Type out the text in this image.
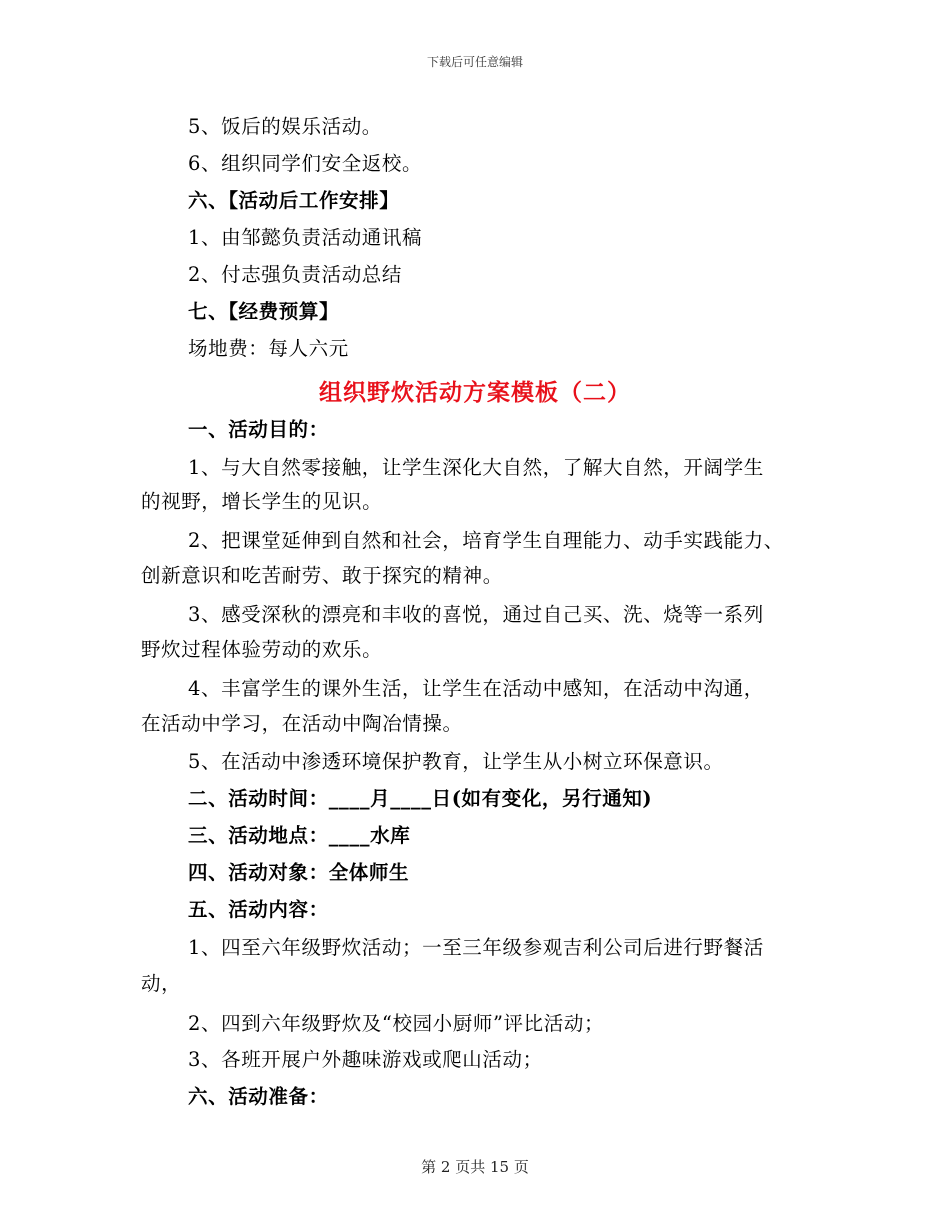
下载后可任意编辑
5、饭后的娱乐活动。
6、组织同学们安全返校。
六、【活动后工作安排】
1、由邹懿负责活动通讯稿
2、付志强负责活动总结
七、【经费预算】
场地费：每人六元
组织野炊活动方案模板（二）
一、活动目的：
1、与大自然零接触，让学生深化大自然，了解大自然，开阔学生
的视野，增长学生的见识。
2、把课堂延伸到自然和社会，培育学生自理能力、动手实践能力、
创新意识和吃苦耐劳、敢于探究的精神。
3、感受深秋的漂亮和丰收的喜悦，通过自己买、洗、烧等一系列
野炊过程体验劳动的欢乐。
4、丰富学生的课外生活，让学生在活动中感知，在活动中沟通，
在活动中学习，在活动中陶冶情操。
5、在活动中渗透环境保护教育，让学生从小树立环保意识。
二、活动时间：____月____日(如有变化，另行通知)
三、活动地点：____水库
四、活动对象：全体师生
五、活动内容：
1、四至六年级野炊活动；一至三年级参观吉利公司后进行野餐活
动，
2、四到六年级野炊及“校园小厨师”评比活动；
3、各班开展户外趣味游戏或爬山活动；
六、活动准备：
第 2 页共 15 页
